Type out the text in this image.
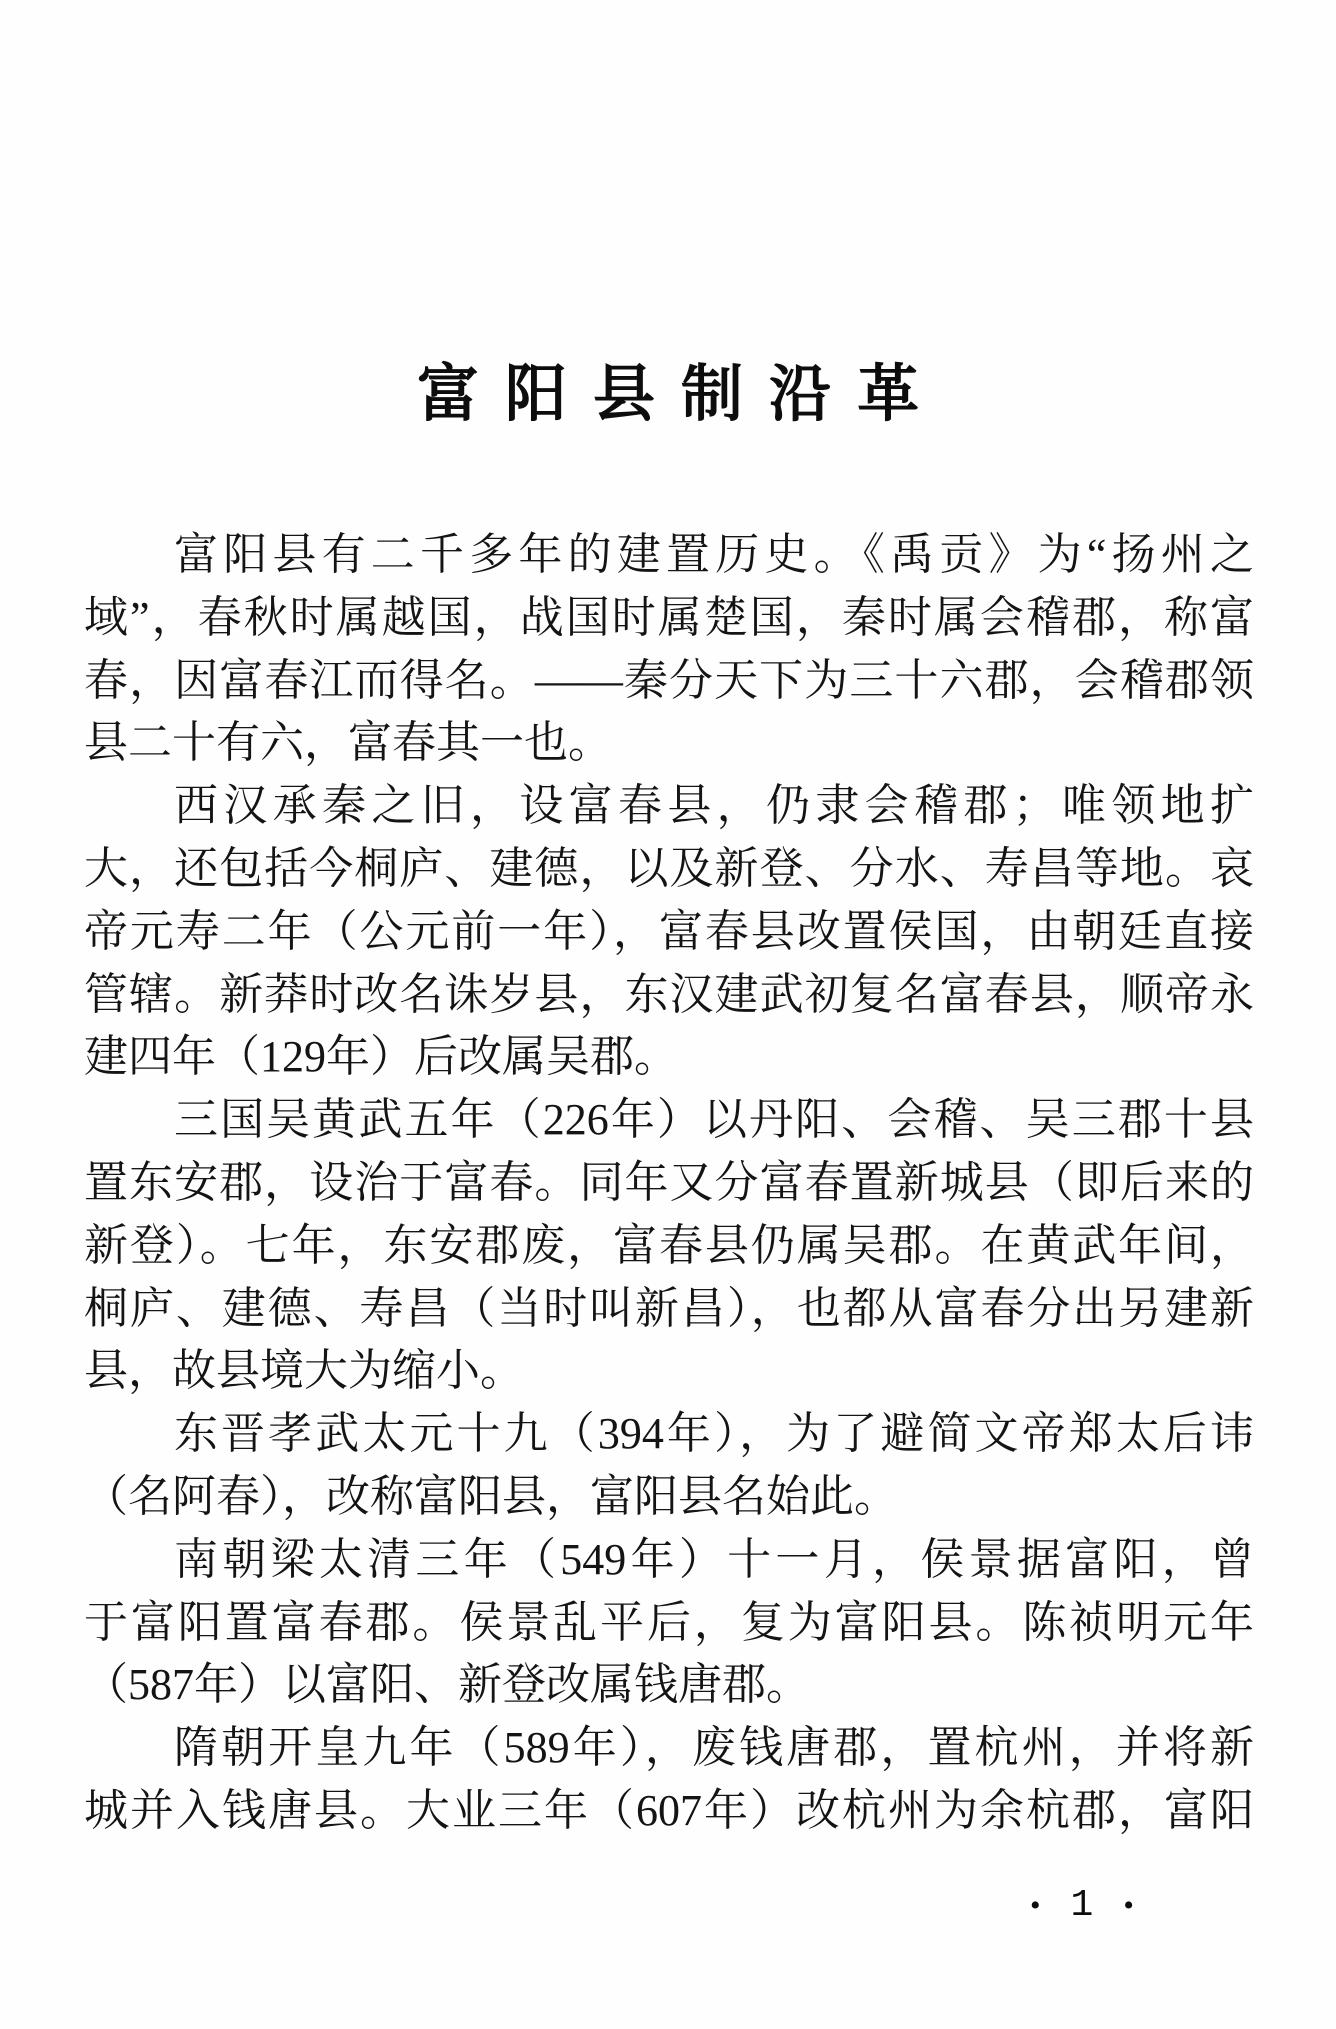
富阳县制沿革
富阳县有二千多年的建置历史。《禹贡》为“扬州之
域”，春秋时属越国，战国时属楚国，秦时属会稽郡，称富
春，因富春江而得名。——秦分天下为三十六郡，会稽郡领
县二十有六，富春其一也。
西汉承秦之旧，设富春县，仍隶会稽郡；唯领地扩
大，还包括今桐庐、建德，以及新登、分水、寿昌等地。哀
帝元寿二年（公元前一年），富春县改置侯国，由朝廷直接
管辖。新莽时改名诛岁县，东汉建武初复名富春县，顺帝永
建四年（129年）后改属吴郡。
三国吴黄武五年（226年）以丹阳、会稽、吴三郡十县
置东安郡，设治于富春。同年又分富春置新城县（即后来的
新登）。七年，东安郡废，富春县仍属吴郡。在黄武年间，
桐庐、建德、寿昌（当时叫新昌），也都从富春分出另建新
县，故县境大为缩小。
东晋孝武太元十九（394年），为了避简文帝郑太后讳
（名阿春），改称富阳县，富阳县名始此。
南朝梁太清三年（549年）十一月，侯景据富阳，曾
于富阳置富春郡。侯景乱平后，复为富阳县。陈祯明元年
（587年）以富阳、新登改属钱唐郡。
隋朝开皇九年（589年），废钱唐郡，置杭州，并将新
城并入钱唐县。大业三年（607年）改杭州为余杭郡，富阳
• 1 •
